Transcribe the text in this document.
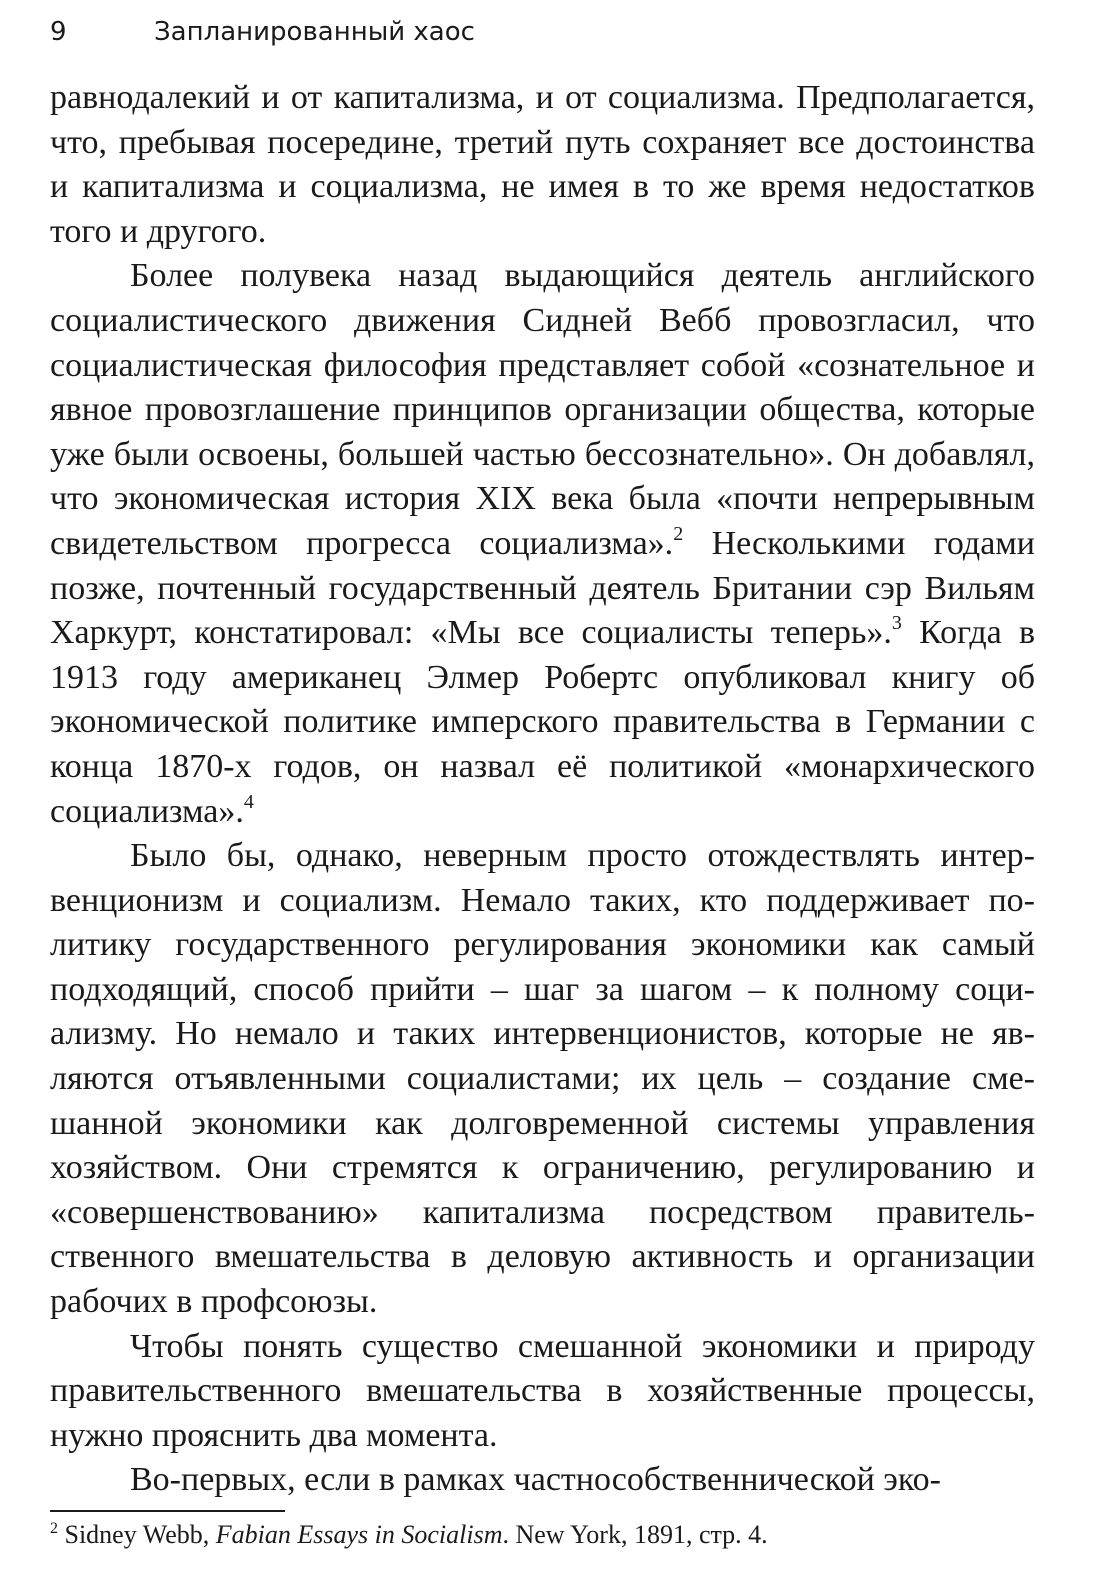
9	Запланированный хаос

равнодалекий и от капитализма, и от социализма. Предполагается, что, пребывая посередине, третий путь сохраняет все достоинства и капитализма и социализма, не имея в то же время недостатков того и другого.

Более полувека назад выдающийся деятель английского социалистического движения Сидней Вебб провозгласил, что социалистическая философия представляет собой «сознательное и явное провозглашение принципов организации общества, которые уже были освоены, большей частью бессознательно». Он добавлял, что экономическая история XIX века была «почти непрерывным свидетельством прогресса социализма».$^2$ Несколькими годами позже, почтенный государственный деятель Британии сэр Вильям Харкурт, констатировал: «Мы все социалисты теперь».$^3$ Когда в 1913 году американец Элмер Робертс опубликовал книгу об экономической политике имперского правительства в Германии с конца 1870-х годов, он назвал её политикой «монархического социализма».$^4$

Было бы, однако, неверным просто отождествлять интервенционизм и социализм. Немало таких, кто поддерживает политику государственного регулирования экономики как самый подходящий, способ прийти – шаг за шагом – к полному социализму. Но немало и таких интервенционистов, которые не являются отъявленными социалистами; их цель – создание смешанной экономики как долговременной системы управления хозяйством. Они стремятся к ограничению, регулированию и «совершенствованию» капитализма посредством правительственного вмешательства в деловую активность и организации рабочих в профсоюзы.

Чтобы понять существо смешанной экономики и природу правительственного вмешательства в хозяйственные процессы, нужно прояснить два момента.

Во-первых, если в рамках частнособственнической эко-

$^2$ Sidney Webb, Fabian Essays in Socialism. New York, 1891, стр. 4.
